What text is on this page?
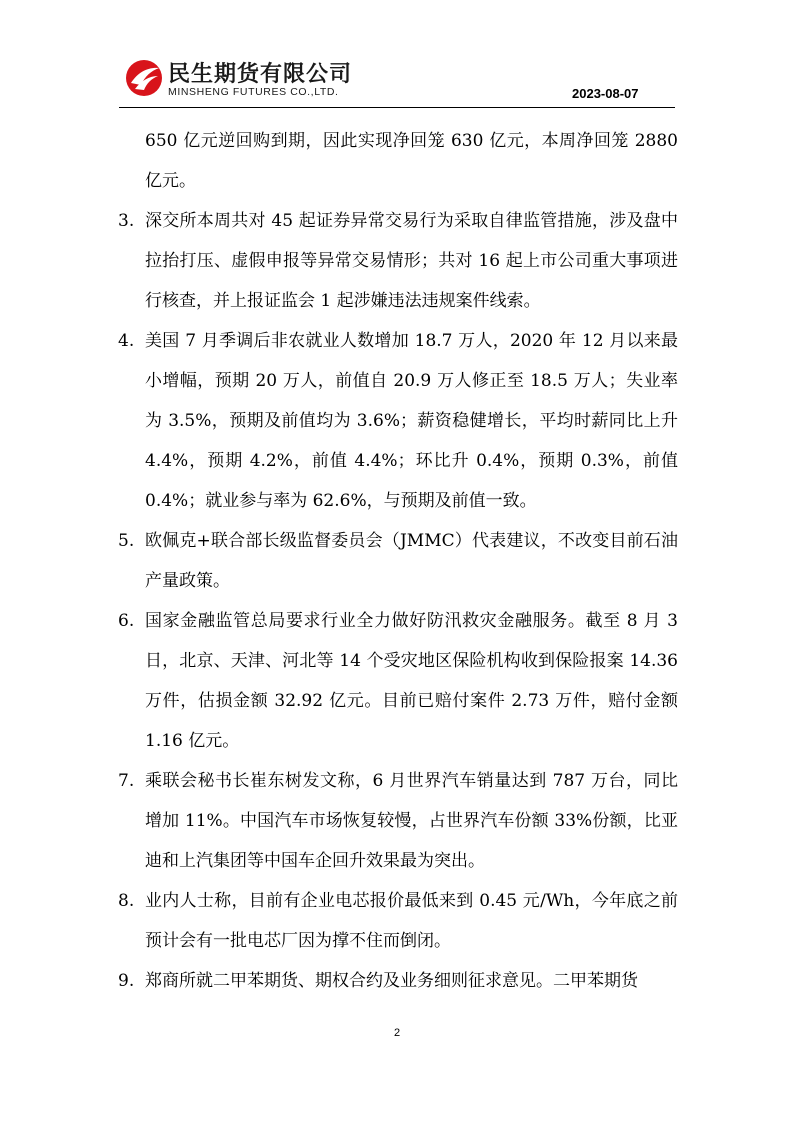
民生期货有限公司
MINSHENG FUTURES CO.,LTD.	2023-08-07

650 亿元逆回购到期，因此实现净回笼 630 亿元，本周净回笼 2880 亿元。

3. 深交所本周共对 45 起证券异常交易行为采取自律监管措施，涉及盘中拉抬打压、虚假申报等异常交易情形；共对 16 起上市公司重大事项进行核查，并上报证监会 1 起涉嫌违法违规案件线索。
4. 美国 7 月季调后非农就业人数增加 18.7 万人，2020 年 12 月以来最小增幅，预期 20 万人，前值自 20.9 万人修正至 18.5 万人；失业率为 3.5%，预期及前值均为 3.6%；薪资稳健增长，平均时薪同比上升 4.4%，预期 4.2%，前值 4.4%；环比升 0.4%，预期 0.3%，前值 0.4%；就业参与率为 62.6%，与预期及前值一致。
5. 欧佩克+联合部长级监督委员会（JMMC）代表建议，不改变目前石油产量政策。
6. 国家金融监管总局要求行业全力做好防汛救灾金融服务。截至 8 月 3 日，北京、天津、河北等 14 个受灾地区保险机构收到保险报案 14.36 万件，估损金额 32.92 亿元。目前已赔付案件 2.73 万件，赔付金额 1.16 亿元。
7. 乘联会秘书长崔东树发文称，6 月世界汽车销量达到 787 万台，同比增加 11%。中国汽车市场恢复较慢，占世界汽车份额 33%份额，比亚迪和上汽集团等中国车企回升效果最为突出。
8. 业内人士称，目前有企业电芯报价最低来到 0.45 元/Wh，今年底之前预计会有一批电芯厂因为撑不住而倒闭。
9. 郑商所就二甲苯期货、期权合约及业务细则征求意见。二甲苯期货
2
